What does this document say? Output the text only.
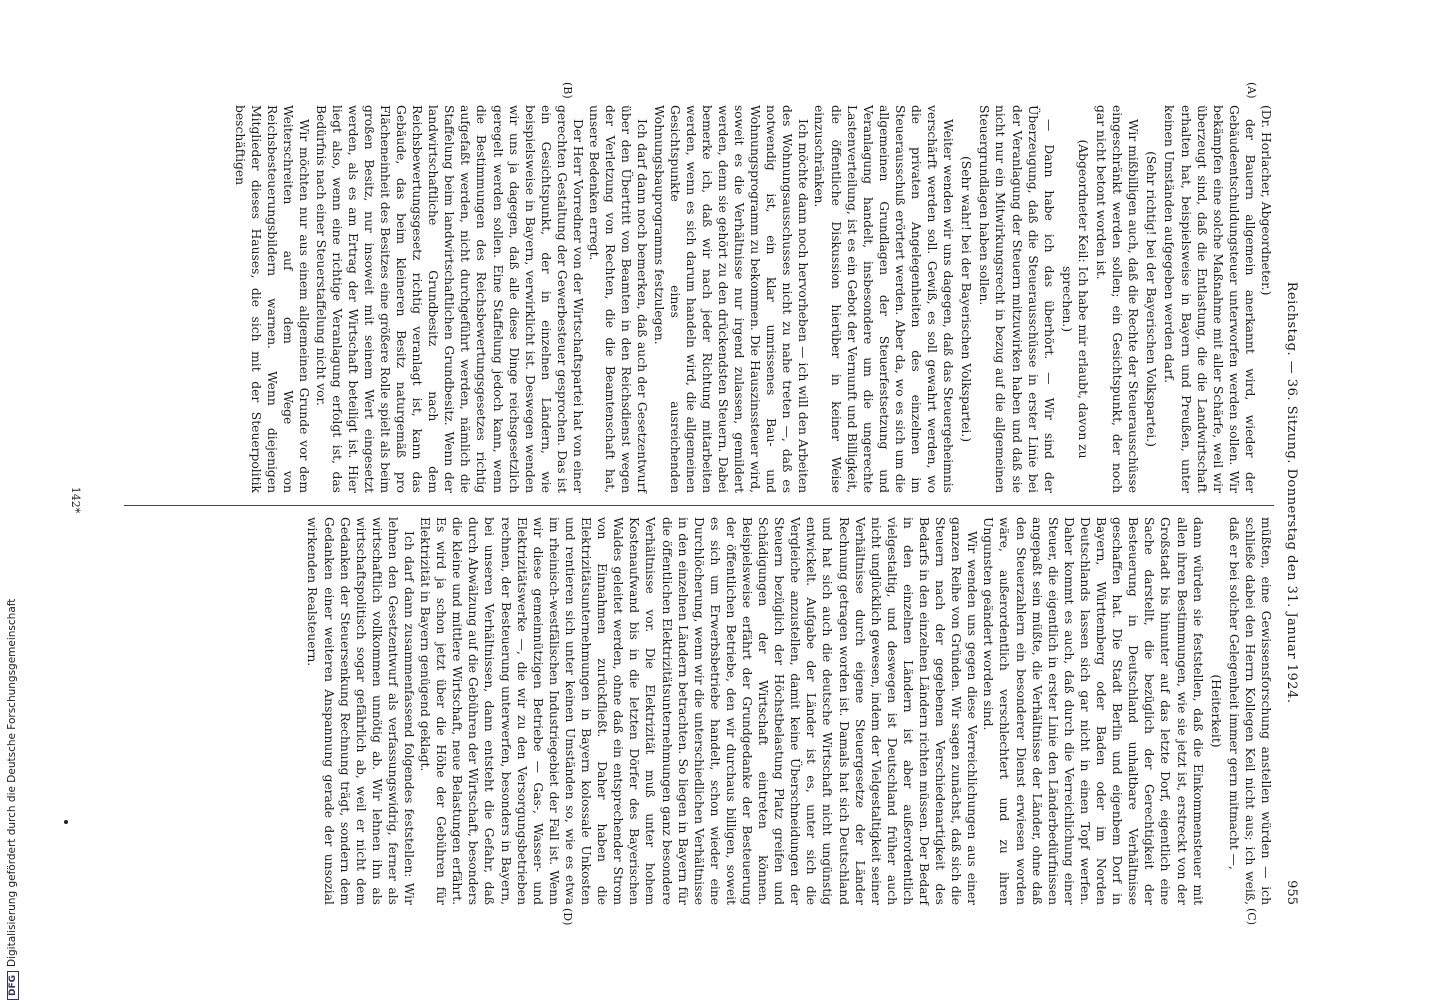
Reichstag. — 36. Sitzung. Donnerstag den 31. Januar 1924.
955
(A)
(B)
(C)
(D)

(Dr. Horlacher, Abgeordneter.)

der Bauern allgemein anerkannt wird, wieder der Gebäudeentschuldungsteuer unterworfen werden sollen. Wir bekämpfen eine solche Maßnahme mit aller Schärfe, weil wir überzeugt sind, daß die Entlastung, die die Landwirtschaft erhalten hat, beispielsweise in Bayern und Preußen, unter keinen Umständen aufgegeben werden darf.

(Sehr richtig! bei der Bayerischen Volkspartei.)

Wir mißbilligen auch, daß die Rechte der Steuerausschüsse eingeschränkt werden sollen; ein Gesichtspunkt, der noch gar nicht betont worden ist.

(Abgeordneter Keil: Ich habe mir erlaubt, davon zu sprechen.)

— Dann habe ich das überhört. — Wir sind der Überzeugung, daß die Steuerausschüsse in erster Linie bei der Veranlagung der Steuern mitzuwirken haben und daß sie nicht nur ein Mitwirkungsrecht in bezug auf die allgemeinen Steuergrundlagen haben sollen.

(Sehr wahr! bei der Bayerischen Volkspartei.)

Weiter wenden wir uns dagegen, daß das Steuergeheimnis verschärft werden soll. Gewiß, es soll gewahrt werden, wo die privaten Angelegenheiten des einzelnen im Steuerausschuß erörtert werden. Aber da, wo es sich um die allgemeinen Grundlagen der Steuerfestsetzung und Veranlagung handelt, insbesondere um die ungerechte Lastenverteilung, ist es ein Gebot der Vernunft und Billigkeit, die öffentliche Diskussion hierüber in keiner Weise einzuschränken.

Ich möchte dann noch hervorheben — ich will den Arbeiten des Wohnungsausschusses nicht zu nahe treten —, daß es notwendig ist, ein klar umrissenes Bau- und Wohnungsprogramm zu bekommen. Die Hauszinssteuer wird, soweit es die Verhältnisse nur irgend zulassen, gemildert werden, denn sie gehört zu den drückendsten Steuern. Dabei bemerke ich, daß wir nach jeder Richtung mitarbeiten werden, wenn es sich darum handeln wird, die allgemeinen Gesichtspunkte eines ausreichenden Wohnungsbauprogramms festzulegen.

Ich darf dann noch bemerken, daß auch der Gesetzentwurf über den Übertritt von Beamten in den Reichsdienst wegen der Verletzung von Rechten, die die Beamtenschaft hat, unsere Bedenken erregt.

Der Herr Vorredner von der Wirtschaftspartei hat von einer gerechten Gestaltung der Gewerbesteuer gesprochen. Das ist ein Gesichtspunkt, der in einzelnen Ländern, wie beispielsweise in Bayern, verwirklicht ist. Deswegen wenden wir uns ja dagegen, daß alle diese Dinge reichsgesetzlich geregelt werden sollen. Eine Staffelung jedoch kann, wenn die Bestimmungen des Reichsbewertungsgesetzes richtig aufgefaßt werden, nicht durchgeführt werden, nämlich die Staffelung beim landwirtschaftlichen Grundbesitz. Wenn der landwirtschaftliche Grundbesitz nach dem Reichsbewertungsgesetz richtig veranlagt ist, kann das Gebäude, das beim kleineren Besitz naturgemäß pro Flächeneinheit des Besitzes eine größere Rolle spielt als beim großen Besitz, nur insoweit mit seinem Wert eingesetzt werden, als es am Ertrag der Wirtschaft beteiligt ist. Hier liegt also, wenn eine richtige Veranlagung erfolgt ist, das Bedürfnis nach einer Steuerstaffelung nicht vor.

Wir möchten nur aus einem allgemeinen Grunde vor dem Weiterschreiten auf dem Wege von Reichsbesteuerungsbildern warnen. Wenn diejenigen Mitglieder dieses Hauses, die sich mit der Steuerpolitik beschäftigen

müßten, eine Gewissensforschung anstellen würden — ich schließe dabei den Herrn Kollegen Keil nicht aus; ich weiß, daß er bei solcher Gelegenheit immer gern mitmacht —,

(Heiterkeit)

dann würden sie feststellen, daß die Einkommensteuer mit allen ihren Bestimmungen, wie sie jetzt ist, erstreckt von der Großstadt bis hinunter auf das letzte Dorf, eigentlich eine Sache darstellt, die bezüglich der Gerechtigkeit der Besteuerung in Deutschland unhaltbare Verhältnisse geschaffen hat. Die Stadt Berlin und eigenbem Dorf in Bayern, Württemberg oder Baden oder im Norden Deutschlands lassen sich gar nicht in einen Topf werfen. Daher kommt es auch, daß durch die Verreichlichung einer Steuer, die eigentlich in erster Linie den Länderbedürfnissen angepaßt sein müßte, die Verhältnisse der Länder, ohne daß den Steuerzahlern ein besonderer Dienst erwiesen worden wäre, außerordentlich verschlechtert und zu ihren Ungunsten geändert worden sind.

Wir wenden uns gegen diese Verreichlichungen aus einer ganzen Reihe von Gründen. Wir sagen zunächst, daß sich die Steuern nach der gegebenen Verschiedenartigkeit des Bedarfs in den einzelnen Ländern richten müssen. Der Bedarf in den einzelnen Ländern ist aber außerordentlich vielgestaltig, und deswegen ist Deutschland früher auch nicht unglücklich gewesen, indem der Vielgestaltigkeit seiner Verhältnisse durch eigene Steuergesetze der Länder Rechnung getragen worden ist. Damals hat sich Deutschland und hat sich auch die deutsche Wirtschaft nicht ungünstig entwickelt. Aufgabe der Länder ist es, unter sich die Vergleiche anzustellen, damit keine Überschneidungen der Steuern bezüglich der Höchstbelastung Platz greifen und Schädigungen der Wirtschaft eintreten können. Beispielsweise erfährt der Grundgedanke der Besteuerung der öffentlichen Betriebe, den wir durchaus billigen, soweit es sich um Erwerbsbetriebe handelt, schon wieder eine Durchlöcherung, wenn wir die unterschiedlichen Verhältnisse in den einzelnen Ländern betrachten. So liegen in Bayern für die öffentlichen Elektrizitätsunternehmungen ganz besondere Verhältnisse vor. Die Elektrizität muß unter hohem Kostenaufwand bis in die letzten Dörfer des Bayerischen Waldes geleitet werden, ohne daß ein entsprechender Strom von Einnahmen zurückfließt. Daher haben die Elektrizitätsunternehmungen in Bayern kolossale Unkosten und rentieren sich unter keinen Umständen so, wie es etwa im rheinisch-westfälischen Industriegebiet der Fall ist. Wenn wir diese gemeinnützigen Betriebe — Gas-, Wasser- und Elektrizitätswerke —, die wir zu den Versorgungsbetrieben rechnen, der Besteuerung unterwerfen, besonders in Bayern, bei unseren Verhältnissen, dann entsteht die Gefahr, daß durch Abwälzung auf die Gebühren der Wirtschaft, besonders die kleine und mittlere Wirtschaft, neue Belastungen erfährt. Es wird ja schon jetzt über die Höhe der Gebühren für Elektrizität in Bayern genügend geklagt.

Ich darf dann zusammenfassend folgendes feststellen: Wir lehnen den Gesetzentwurf als verfassungswidrig, ferner als wirtschaftlich vollkommen unnötig ab. Wir lehnen ihn als wirtschaftspolitisch sogar gefährlich ab, weil er nicht dem Gedanken der Steuersenkung Rechnung trägt, sondern dem Gedanken einer weiteren Anspannung gerade der unsozial wirkenden Realsteuern.

142*
DFGDigitalisierung gefördert durch die Deutsche Forschungsgemeinschaft
